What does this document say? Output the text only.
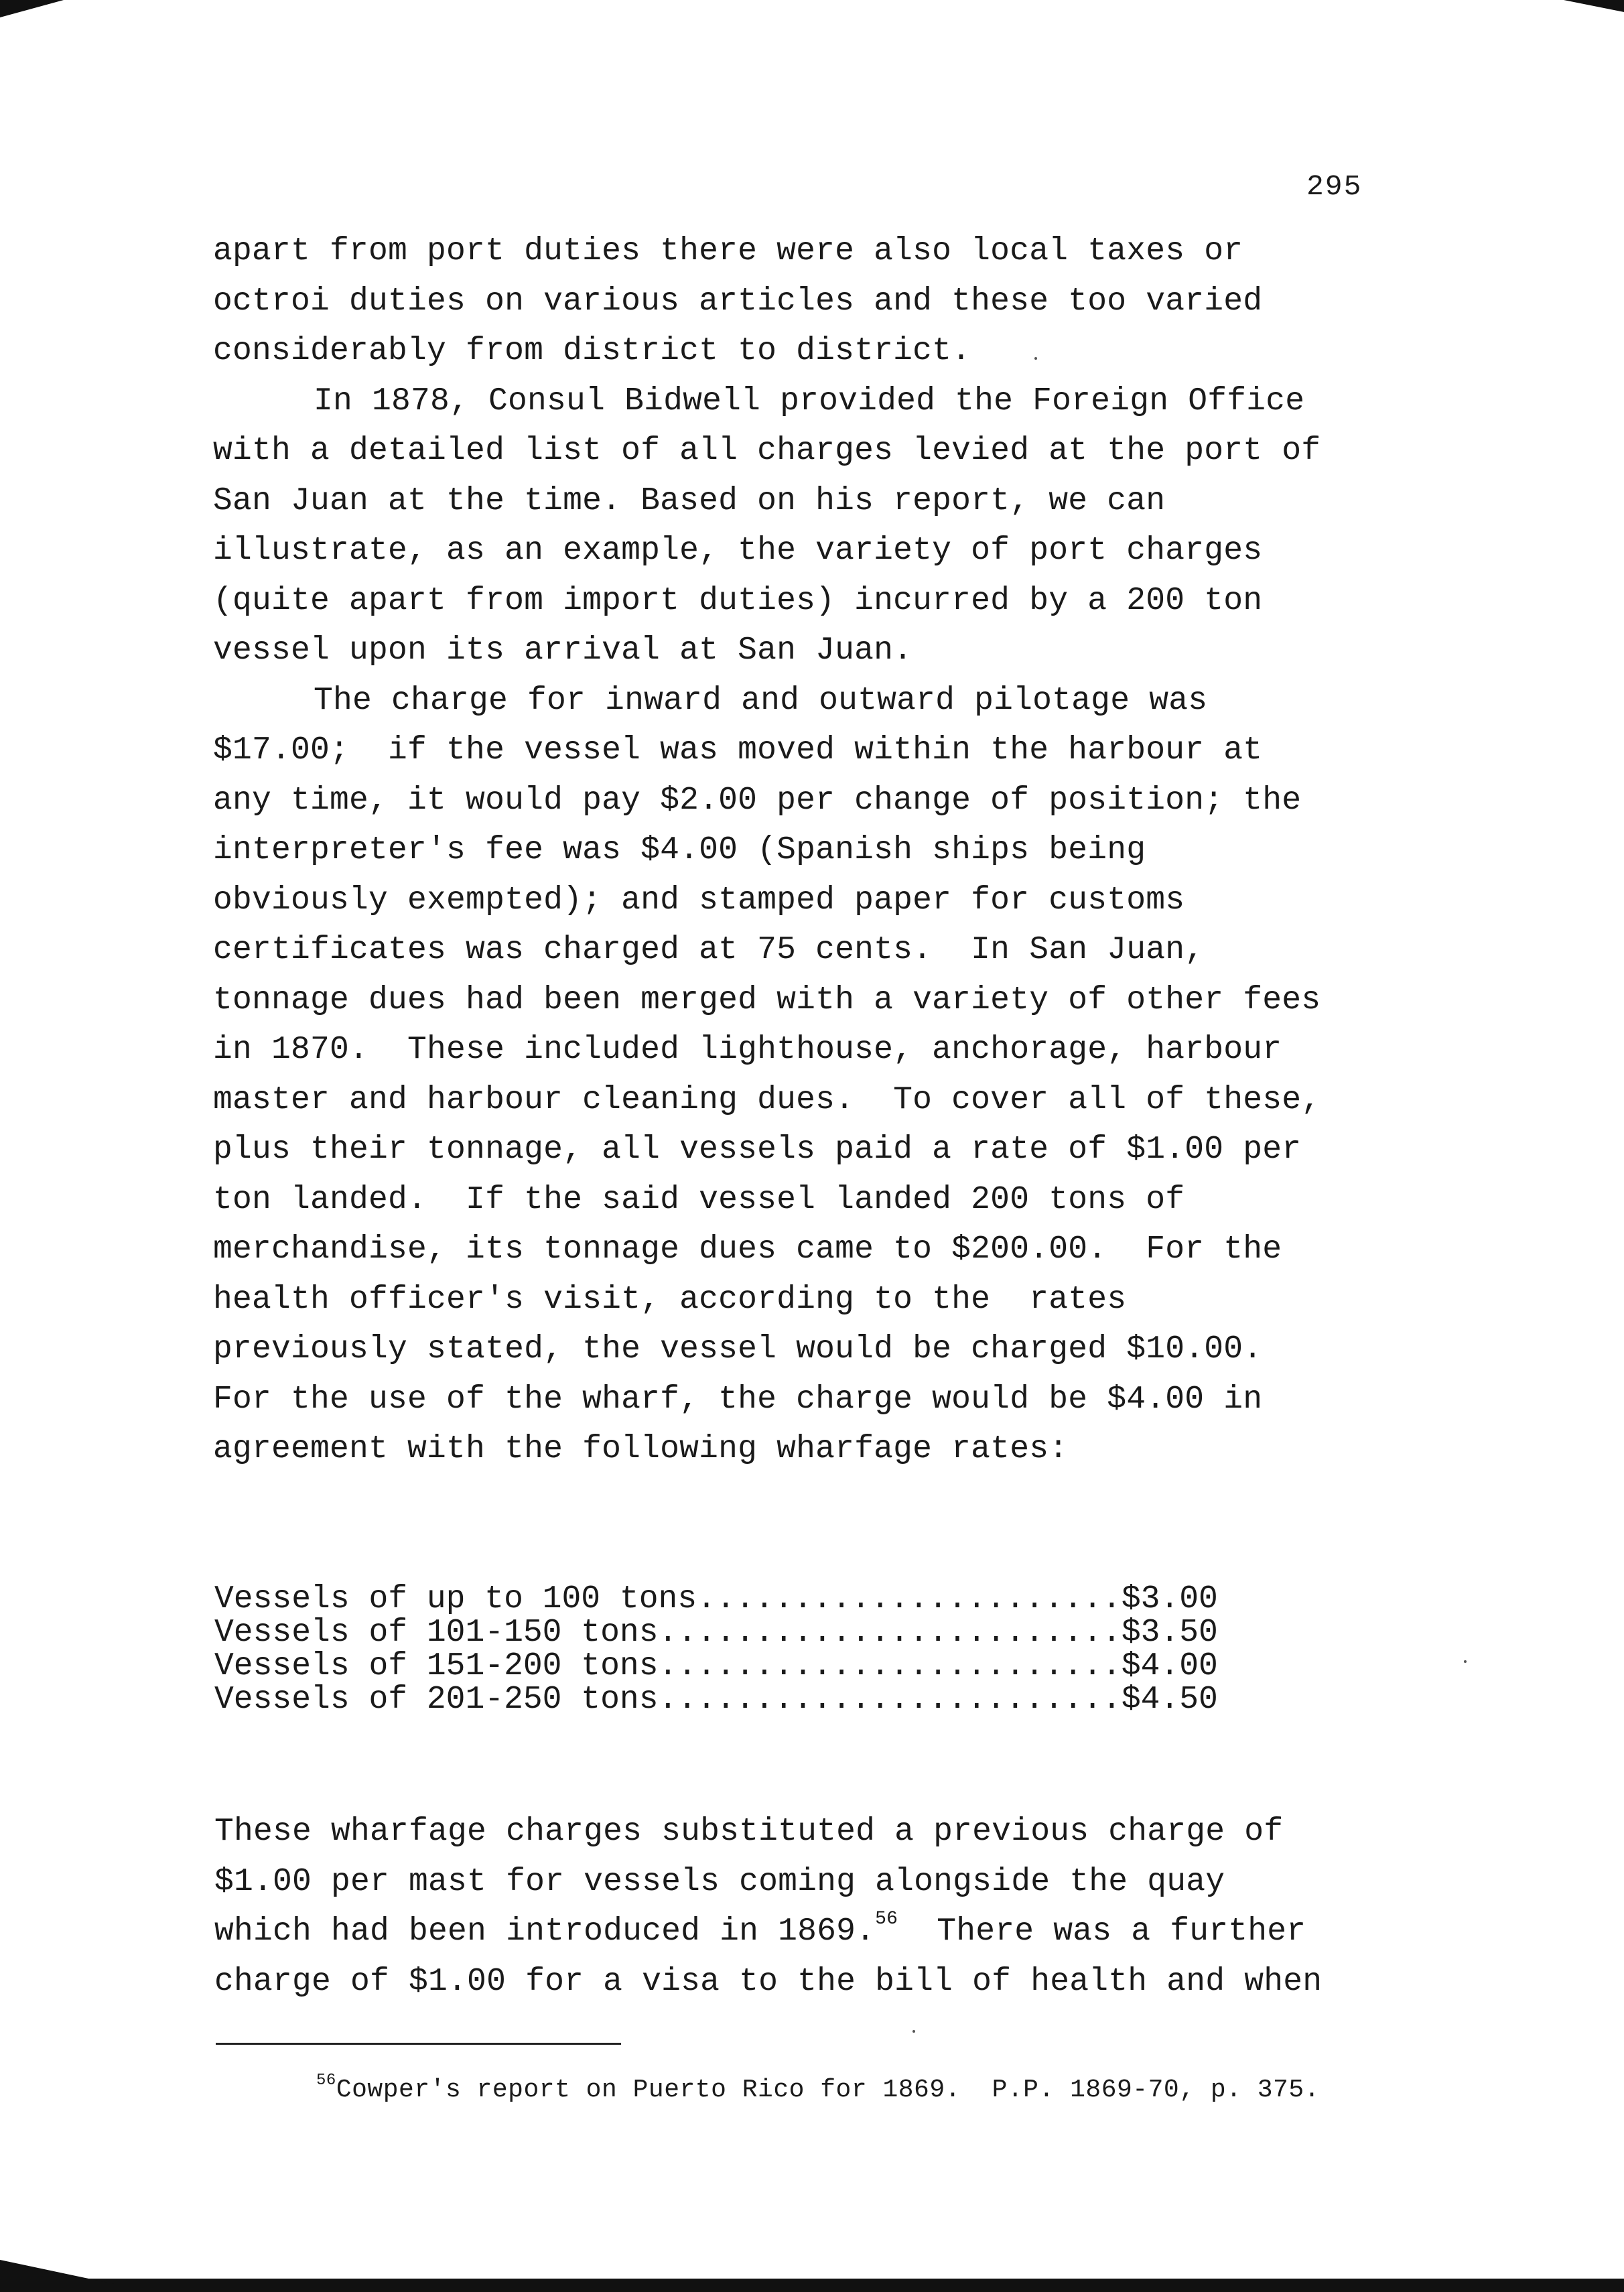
295
apart from port duties there were also local taxes or
octroi duties on various articles and these too varied
considerably from district to district.
In 1878, Consul Bidwell provided the Foreign Office
with a detailed list of all charges levied at the port of
San Juan at the time. Based on his report, we can
illustrate, as an example, the variety of port charges
(quite apart from import duties) incurred by a 200 ton
vessel upon its arrival at San Juan.
The charge for inward and outward pilotage was
$17.00;  if the vessel was moved within the harbour at
any time, it would pay $2.00 per change of position; the
interpreter's fee was $4.00 (Spanish ships being
obviously exempted); and stamped paper for customs
certificates was charged at 75 cents.  In San Juan,
tonnage dues had been merged with a variety of other fees
in 1870.  These included lighthouse, anchorage, harbour
master and harbour cleaning dues.  To cover all of these,
plus their tonnage, all vessels paid a rate of $1.00 per
ton landed.  If the said vessel landed 200 tons of
merchandise, its tonnage dues came to $200.00.  For the
health officer's visit, according to the  rates
previously stated, the vessel would be charged $10.00.
For the use of the wharf, the charge would be $4.00 in
agreement with the following wharfage rates:
Vessels of up to 100 tons......................$3.00
Vessels of 101-150 tons........................$3.50
Vessels of 151-200 tons........................$4.00
Vessels of 201-250 tons........................$4.50
These wharfage charges substituted a previous charge of
$1.00 per mast for vessels coming alongside the quay
which had been introduced in 1869.56  There was a further
charge of $1.00 for a visa to the bill of health and when
$^{56}$Cowper's report on Puerto Rico for 1869.  P.P. 1869-70, p. 375.
